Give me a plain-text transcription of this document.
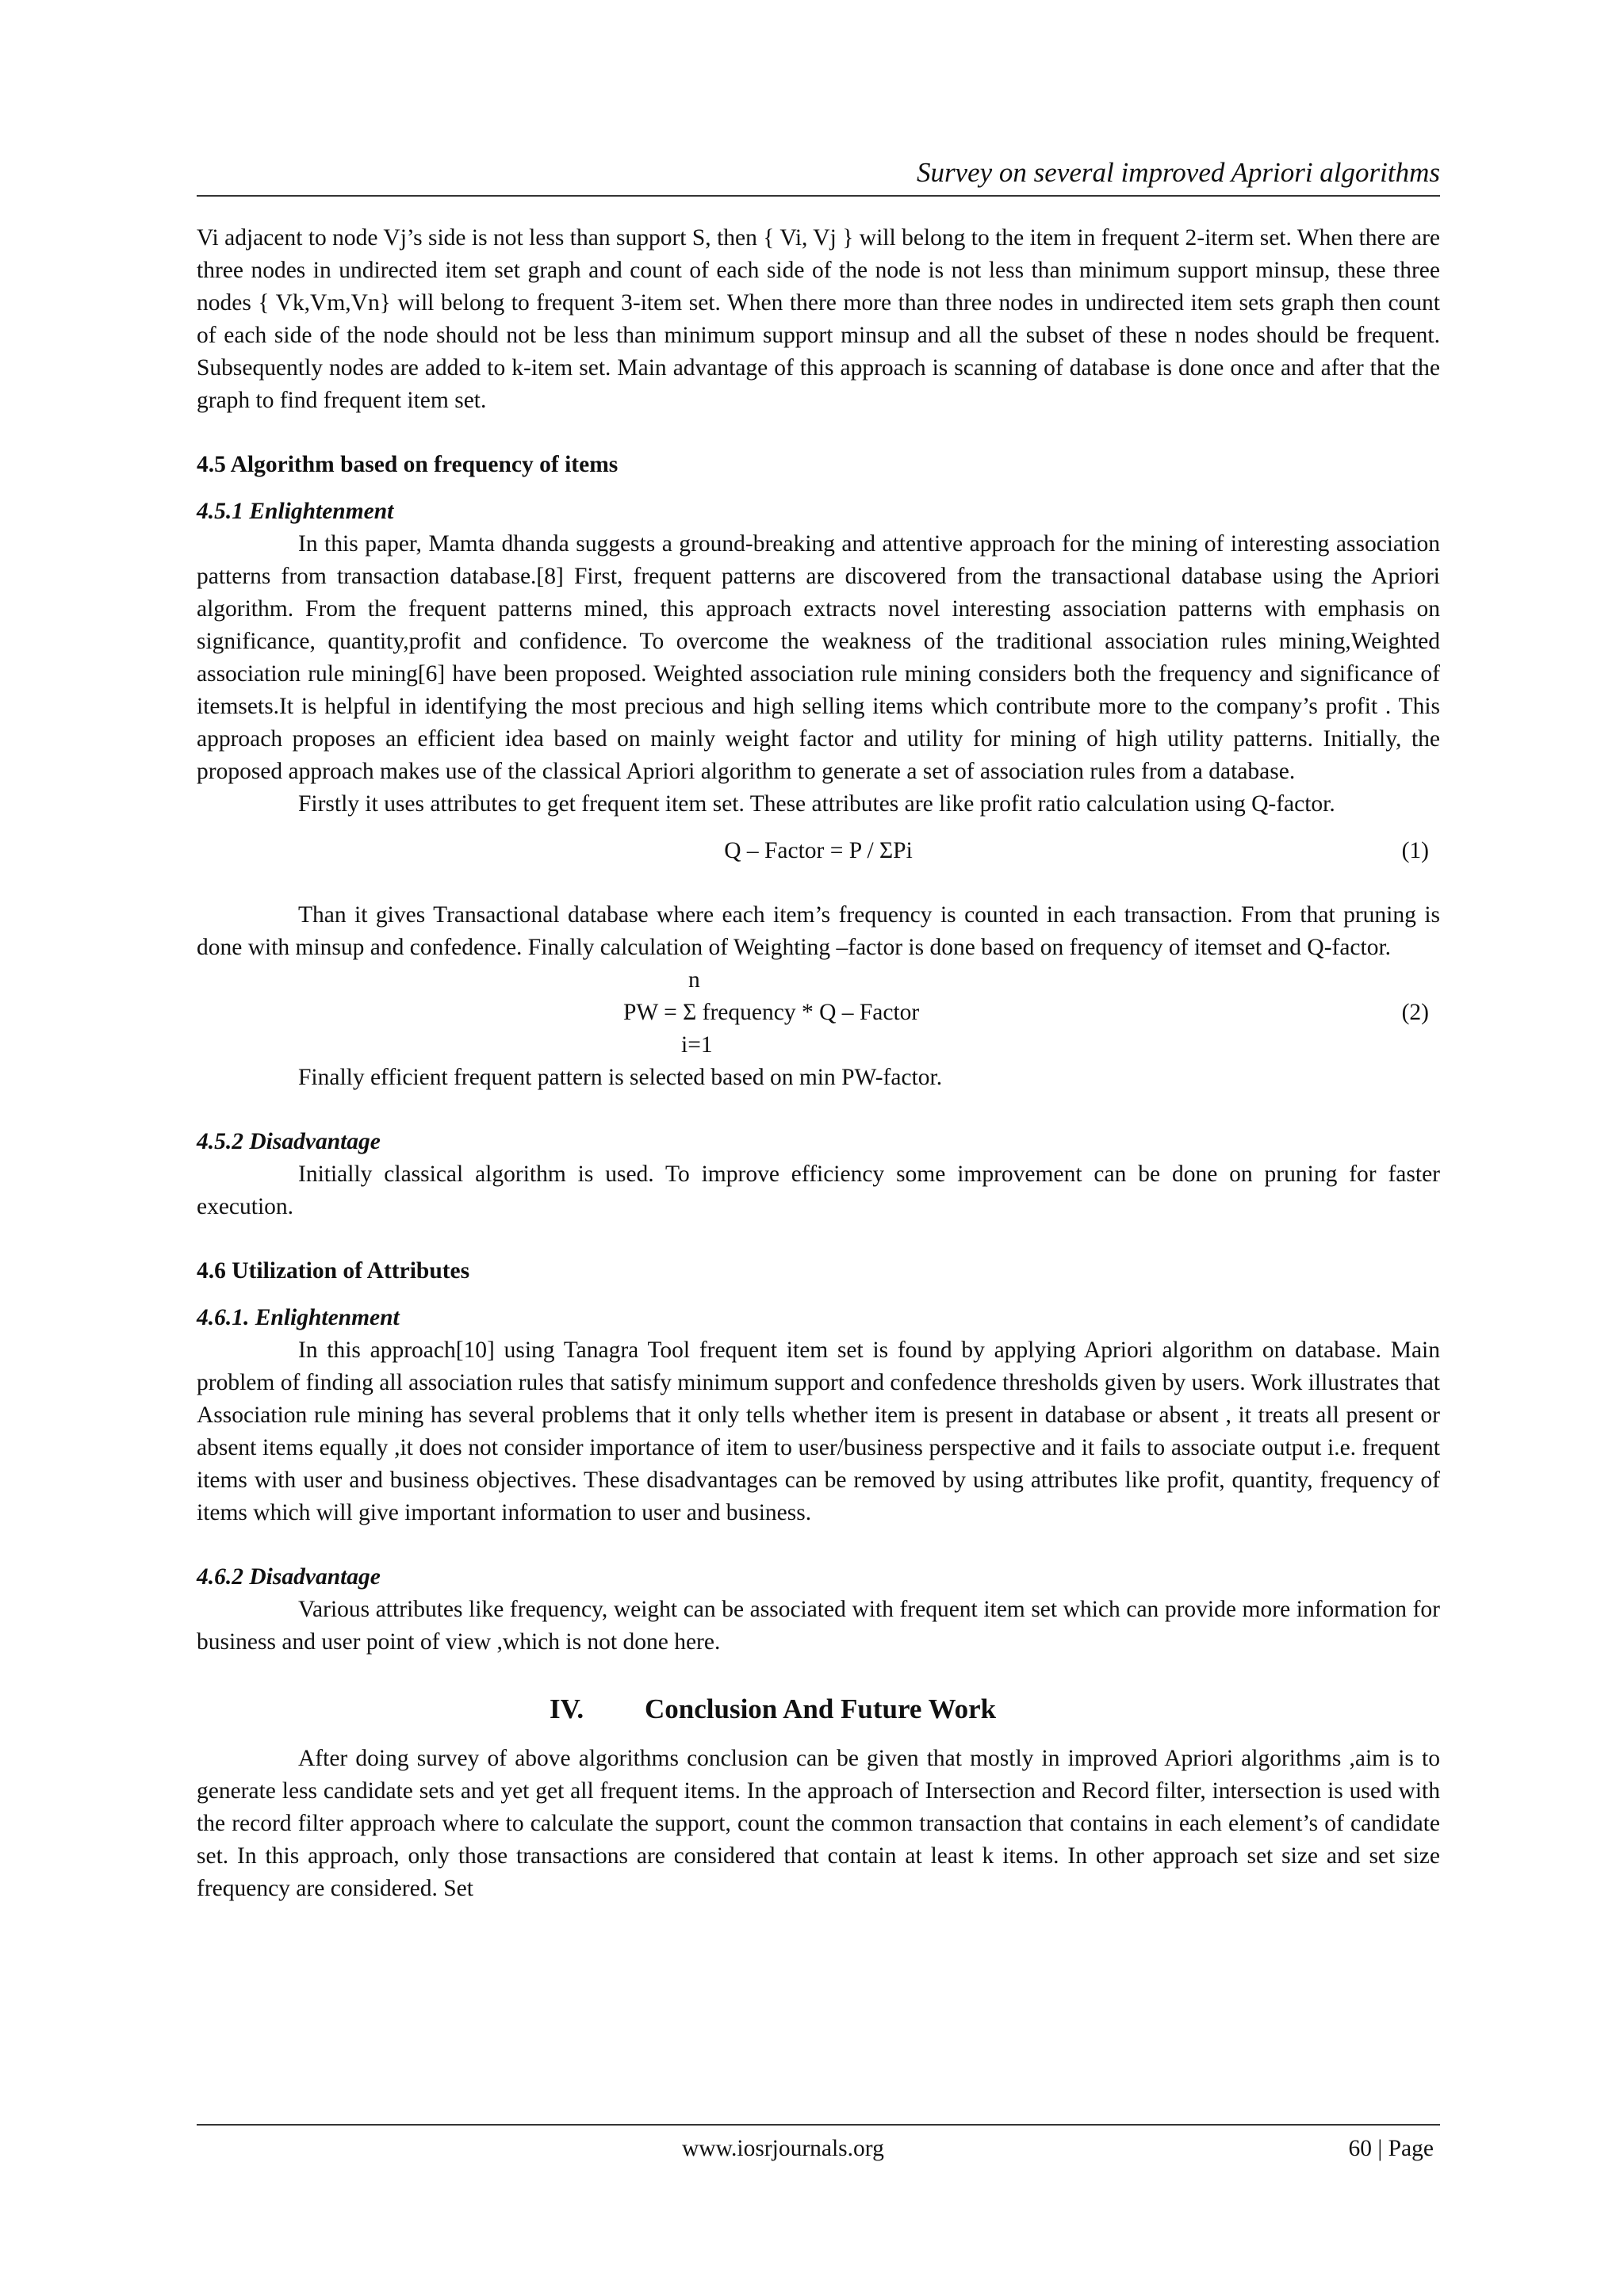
Survey on several improved Apriori algorithms

Vi adjacent to node Vj’s side is not less than support S, then { Vi, Vj } will belong to the item in frequent 2-iterm set. When there are three nodes in undirected item set graph and count of each side of the node is not less than minimum support minsup, these three nodes { Vk,Vm,Vn} will belong to frequent 3-item set. When there more than three nodes in undirected item sets graph then count of each side of the node should not be less than minimum support minsup and all the subset of these n nodes should be frequent. Subsequently nodes are added to k-item set. Main advantage of this approach is scanning of database is done once and after that the graph to find frequent item set.

4.5 Algorithm based on frequency of items

4.5.1 Enlightenment

In this paper, Mamta dhanda suggests a ground-breaking and attentive approach for the mining of interesting association patterns from transaction database.[8] First, frequent patterns are discovered from the transactional database using the Apriori algorithm. From the frequent patterns mined, this approach extracts novel interesting association patterns with emphasis on significance, quantity,profit and confidence. To overcome the weakness of the traditional association rules mining,Weighted association rule mining[6] have been proposed. Weighted association rule mining considers both the frequency and significance of itemsets.It is helpful in identifying the most precious and high selling items which contribute more to the company’s profit . This approach proposes an efficient idea based on mainly weight factor and utility for mining of high utility patterns. Initially, the proposed approach makes use of the classical Apriori algorithm to generate a set of association rules from a database.

Firstly it uses attributes to get frequent item set. These attributes are like profit ratio calculation using Q-factor.

Q – Factor = P / ΣPi	(1)

Than it gives Transactional database where each item’s frequency is counted in each transaction. From that pruning is done with minsup and confedence. Finally calculation of Weighting –factor is done based on frequency of itemset and Q-factor.

n
PW = Σ frequency * Q – Factor
i=1
(2)

Finally efficient frequent pattern is selected based on min PW-factor.

4.5.2 Disadvantage

Initially classical algorithm is used. To improve efficiency some improvement can be done on pruning for faster execution.

4.6 Utilization of Attributes

4.6.1. Enlightenment

In this approach[10] using Tanagra Tool frequent item set is found by applying Apriori algorithm on database. Main problem of finding all association rules that satisfy minimum support and confedence thresholds given by users. Work illustrates that Association rule mining has several problems that it only tells whether item is present in database or absent , it treats all present or absent items equally ,it does not consider importance of item to user/business perspective and it fails to associate output i.e. frequent items with user and business objectives. These disadvantages can be removed by using attributes like profit, quantity, frequency of items which will give important information to user and business.

4.6.2 Disadvantage

Various attributes like frequency, weight can be associated with frequent item set which can provide more information for business and user point of view ,which is not done here.

IV. Conclusion And Future Work

After doing survey of above algorithms conclusion can be given that mostly in improved Apriori algorithms ,aim is to generate less candidate sets and yet get all frequent items. In the approach of Intersection and Record filter, intersection is used with the record filter approach where to calculate the support, count the common transaction that contains in each element’s of candidate set. In this approach, only those transactions are considered that contain at least k items. In other approach set size and set size frequency are considered. Set

www.iosrjournals.org	60 | Page
